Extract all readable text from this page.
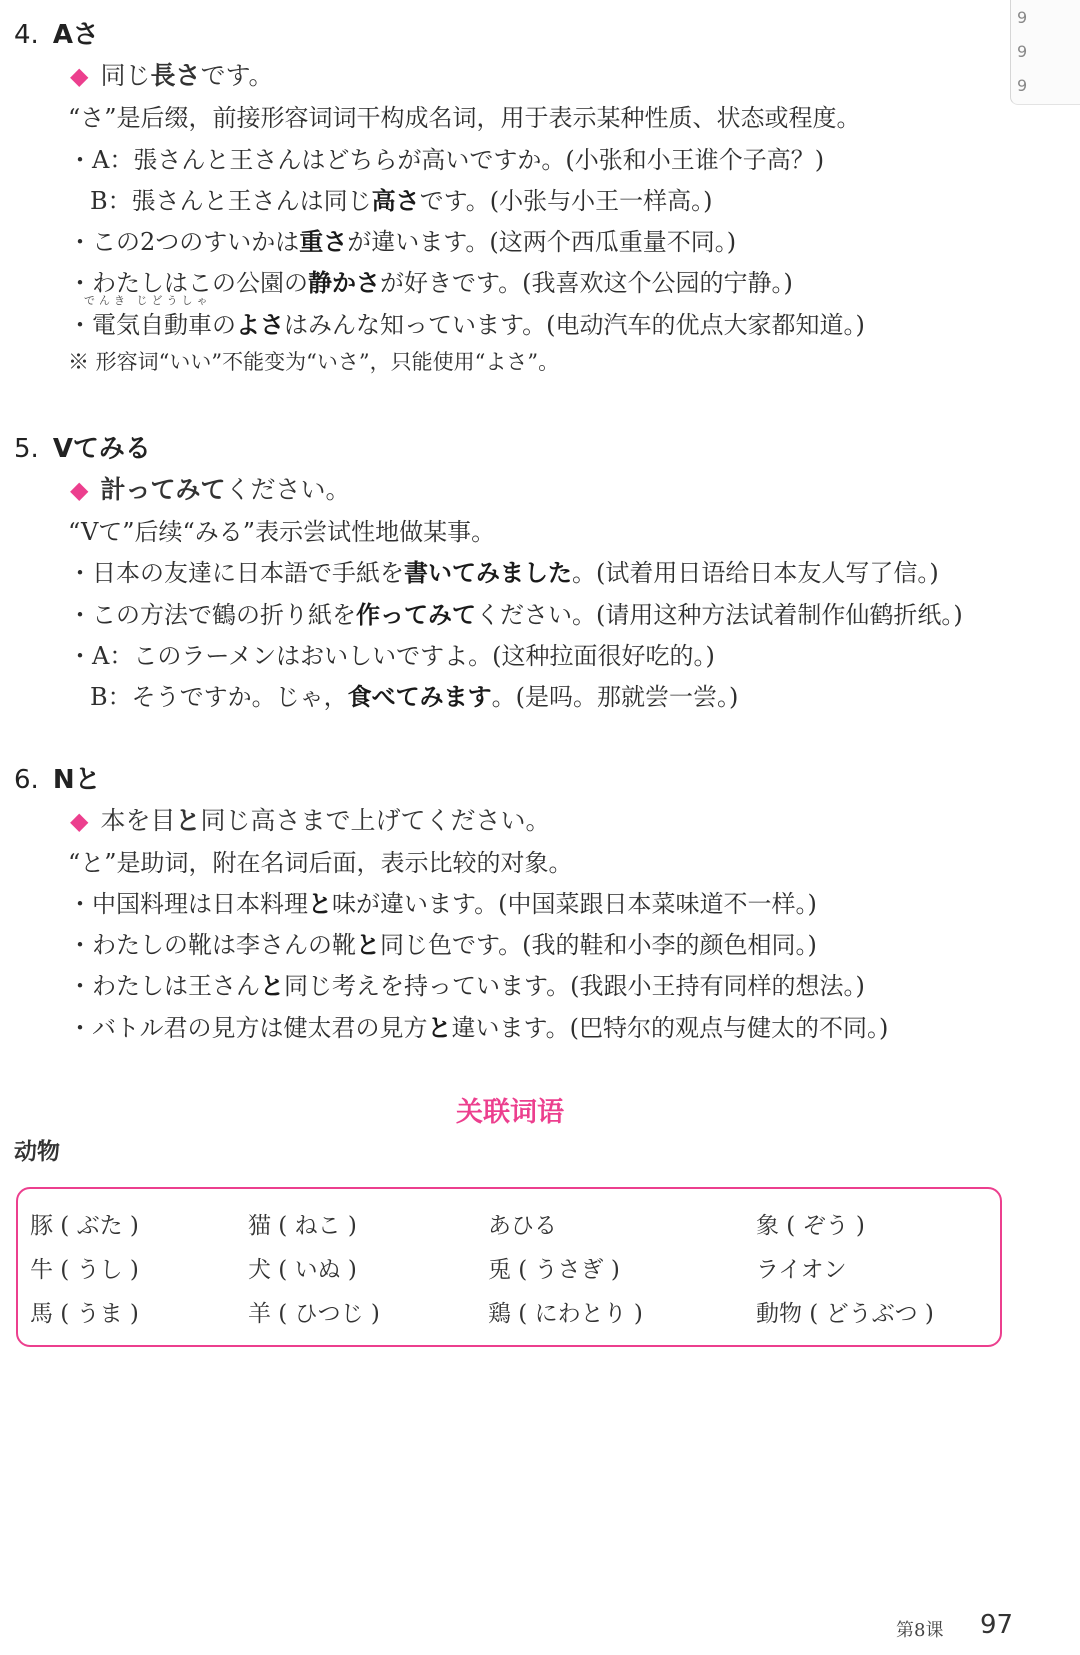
9
9
9
4. Aさ
◆ 同じ長さです。
“さ”是后缀，前接形容词词干构成名词，用于表示某种性质、状态或程度。
・A：張さんと王さんはどちらが高いですか。(小张和小王谁个子高？)
B：張さんと王さんは同じ高さです。(小张与小王一样高。)
・この2つのすいかは重さが違います。(这两个西瓜重量不同。)
・わたしはこの公園の静かさが好きです。(我喜欢这个公园的宁静。)
でんき じどうしゃ
・電気自動車のよさはみんな知っています。(电动汽车的优点大家都知道。)
※ 形容词“いい”不能变为“いさ”，只能使用“よさ”。
5. Vてみる
◆ 計ってみてください。
“Vて”后续“みる”表示尝试性地做某事。
・日本の友達に日本語で手紙を書いてみました。(试着用日语给日本友人写了信。)
・この方法で鶴の折り紙を作ってみてください。(请用这种方法试着制作仙鹤折纸。)
・A：このラーメンはおいしいですよ。(这种拉面很好吃的。)
B：そうですか。じゃ，食べてみます。(是吗。那就尝一尝。)
6. Nと
◆ 本を目と同じ高さまで上げてください。
“と”是助词，附在名词后面，表示比较的对象。
・中国料理は日本料理と味が違います。(中国菜跟日本菜味道不一样。)
・わたしの靴は李さんの靴と同じ色です。(我的鞋和小李的颜色相同。)
・わたしは王さんと同じ考えを持っています。(我跟小王持有同样的想法。)
・バトル君の見方は健太君の見方と違います。(巴特尔的观点与健太的不同。)
关联词语
动物
豚 ( ぶた )	猫 ( ねこ )	あひる	象 ( ぞう )
牛 ( うし )	犬 ( いぬ )	兎 ( うさぎ )	ライオン
馬 ( うま )	羊 ( ひつじ )	鶏 ( にわとり )	動物 ( どうぶつ )
第8课 97
